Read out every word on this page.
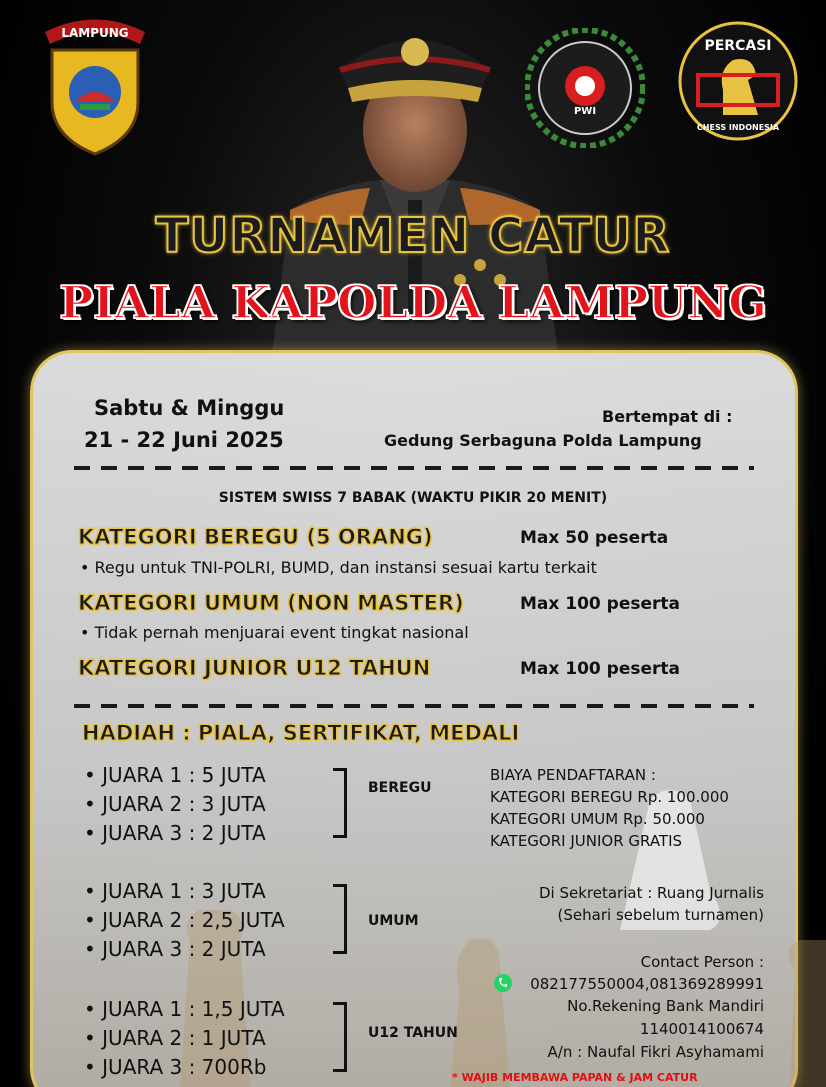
LAMPUNG
PWI
PERCASI
CHESS INDONESIA
TURNAMEN CATUR
PIALA KAPOLDA LAMPUNG
Sabtu & Minggu
21 - 22 Juni 2025
Bertempat di :
Gedung Serbaguna Polda Lampung
SISTEM SWISS 7 BABAK (WAKTU PIKIR 20 MENIT)
KATEGORI BEREGU (5 ORANG)	Max 50 peserta
• Regu untuk TNI-POLRI, BUMD, dan instansi sesuai kartu terkait
KATEGORI UMUM (NON MASTER)	Max 100 peserta
• Tidak pernah menjuarai event tingkat nasional
KATEGORI JUNIOR U12 TAHUN	Max 100 peserta
HADIAH : PIALA, SERTIFIKAT, MEDALI
• JUARA 1 : 5 JUTA
• JUARA 2 : 3 JUTA
• JUARA 3 : 2 JUTA
BEREGU
• JUARA 1 : 3 JUTA
• JUARA 2 : 2,5 JUTA
• JUARA 3 : 2 JUTA
UMUM
• JUARA 1 : 1,5 JUTA
• JUARA 2 : 1 JUTA
• JUARA 3 : 700Rb
U12 TAHUN
BIAYA PENDAFTARAN :
KATEGORI BEREGU Rp. 100.000
KATEGORI UMUM Rp. 50.000
KATEGORI JUNIOR GRATIS
Di Sekretariat : Ruang Jurnalis
(Sehari sebelum turnamen)
Contact Person :
082177550004,081369289991
No.Rekening Bank Mandiri
1140014100674
A/n : Naufal Fikri Asyhamami
* WAJIB MEMBAWA PAPAN & JAM CATUR
